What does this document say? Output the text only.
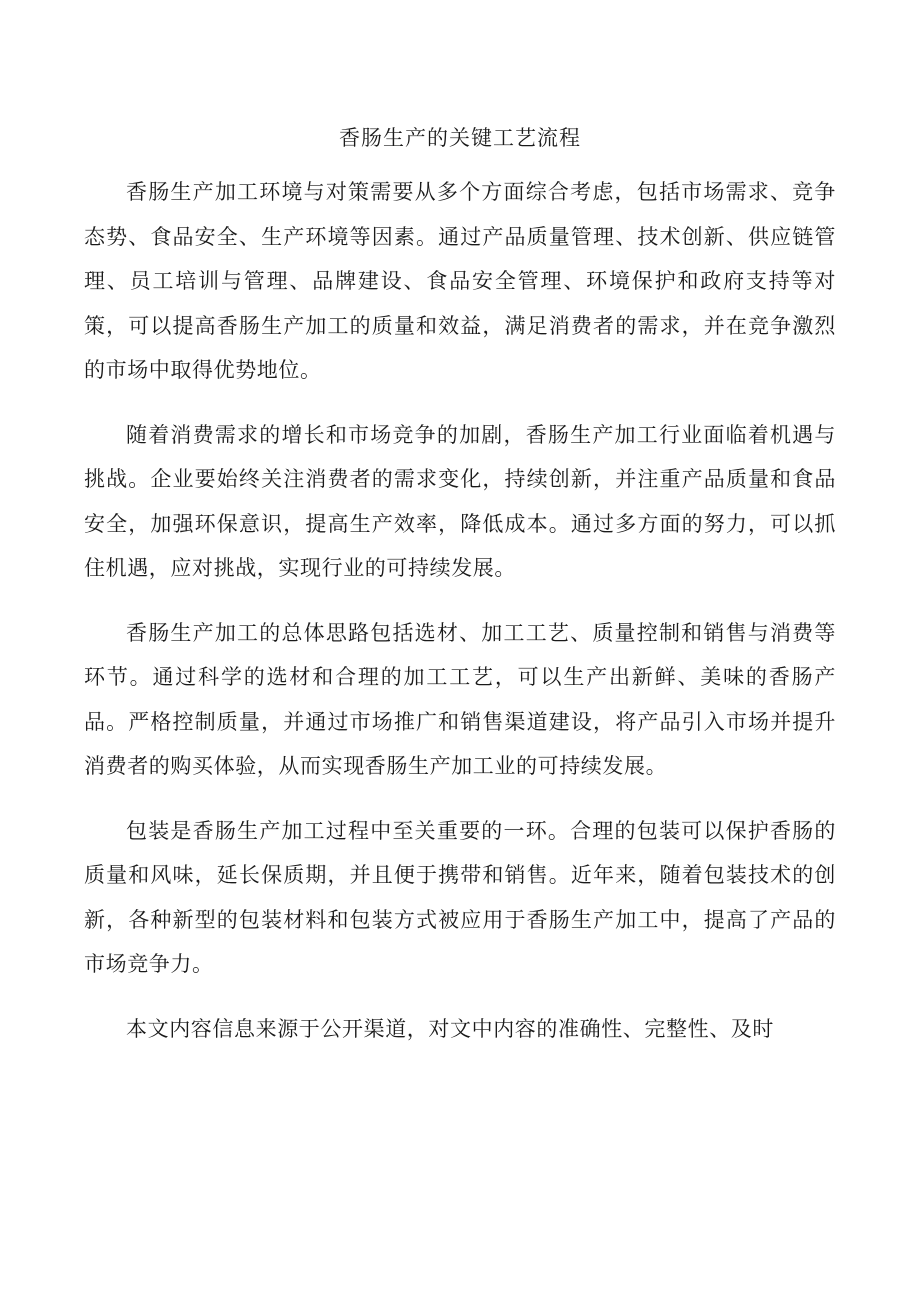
香肠生产的关键工艺流程

香肠生产加工环境与对策需要从多个方面综合考虑，包括市场需求、竞争态势、食品安全、生产环境等因素。通过产品质量管理、技术创新、供应链管理、员工培训与管理、品牌建设、食品安全管理、环境保护和政府支持等对策，可以提高香肠生产加工的质量和效益，满足消费者的需求，并在竞争激烈的市场中取得优势地位。

随着消费需求的增长和市场竞争的加剧，香肠生产加工行业面临着机遇与挑战。企业要始终关注消费者的需求变化，持续创新，并注重产品质量和食品安全，加强环保意识，提高生产效率，降低成本。通过多方面的努力，可以抓住机遇，应对挑战，实现行业的可持续发展。

香肠生产加工的总体思路包括选材、加工工艺、质量控制和销售与消费等环节。通过科学的选材和合理的加工工艺，可以生产出新鲜、美味的香肠产品。严格控制质量，并通过市场推广和销售渠道建设，将产品引入市场并提升消费者的购买体验，从而实现香肠生产加工业的可持续发展。

包装是香肠生产加工过程中至关重要的一环。合理的包装可以保护香肠的质量和风味，延长保质期，并且便于携带和销售。近年来，随着包装技术的创新，各种新型的包装材料和包装方式被应用于香肠生产加工中，提高了产品的市场竞争力。

本文内容信息来源于公开渠道，对文中内容的准确性、完整性、及时
